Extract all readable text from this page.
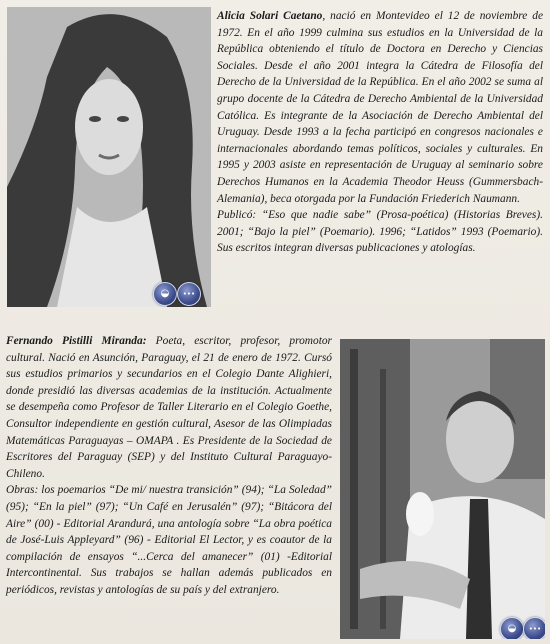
◒ •••

Alicia Solari Caetano, nació en Montevideo el 12 de noviembre de 1972. En el año 1999 culmina sus estudios en la Universidad de la República obteniendo el título de Doctora en Derecho y Ciencias Sociales. Desde el año 2001 integra la Cátedra de Filosofía del Derecho de la Universidad de la República. En el año 2002 se suma al grupo docente de la Cátedra de Derecho Ambiental de la Universidad Católica. Es integrante de la Asociación de Derecho Ambiental del Uruguay. Desde 1993 a la fecha participó en congresos nacionales e internacionales abordando temas políticos, sociales y culturales. En 1995 y 2003 asiste en representación de Uruguay al seminario sobre Derechos Humanos en la Academia Theodor Heuss (Gummersbach- Alemania), beca otorgada por la Fundación Friederich Naumann.

Publicó: “Eso que nadie sabe” (Prosa-poética) (Historias Breves). 2001; “Bajo la piel” (Poemario). 1996; “Latidos” 1993 (Poemario). Sus escritos integran diversas publicaciones y atologías.

Fernando Pistilli Miranda: Poeta, escritor, profesor, promotor cultural. Nació en Asunción, Paraguay, el 21 de enero de 1972. Cursó sus estudios primarios y secundarios en el Colegio Dante Alighieri, donde presidió las diversas academias de la institución. Actualmente se desempeña como Profesor de Taller Literario en el Colegio Goethe, Consultor independiente en gestión cultural, Asesor de las Olimpiadas Matemáticas Paraguayas – OMAPA . Es Presidente de la Sociedad de Escritores del Paraguay (SEP) y del Instituto Cultural Paraguayo-Chileno.

Obras: los poemarios “De mi/ nuestra transición” (94); “La Soledad” (95); “En la piel” (97); “Un Café en Jerusalén” (97); “Bitácora del Aire” (00) - Editorial Arandurá, una antología sobre “La obra poética de José-Luis Appleyard” (96) - Editorial El Lector, y es coautor de la compilación de ensayos “...Cerca del amanecer” (01) -Editorial Intercontinental. Sus trabajos se hallan además publicados en periódicos, revistas y antologías de su país y del extranjero.

◒ •••
